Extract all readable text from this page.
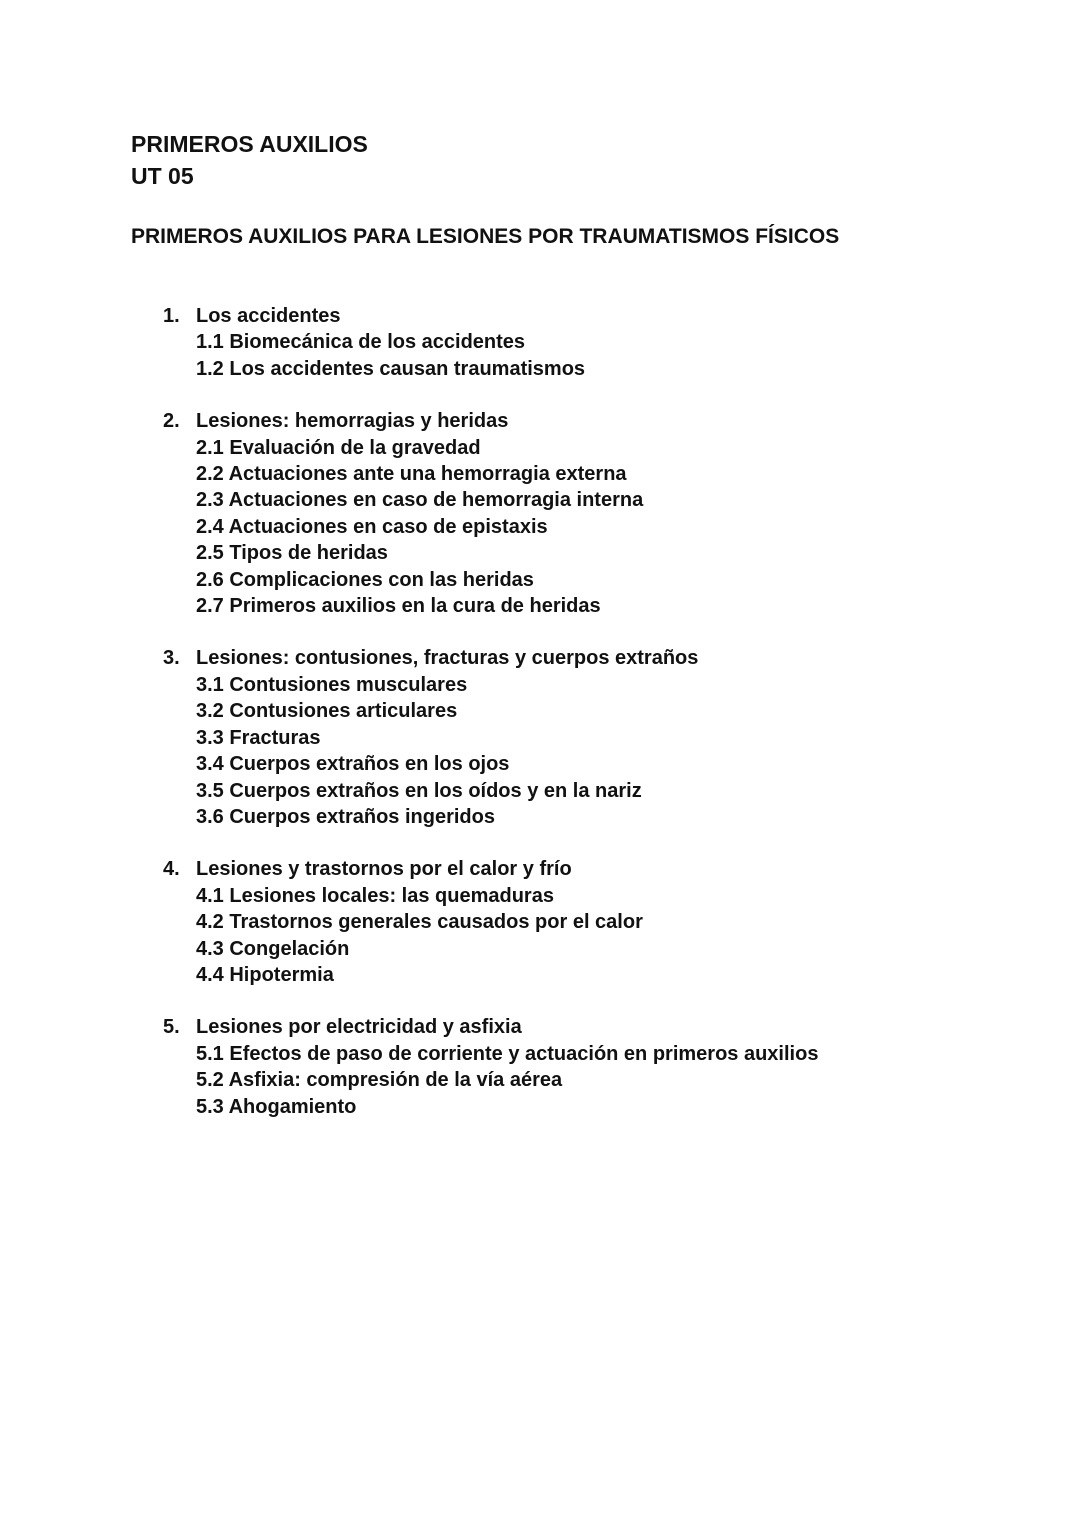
PRIMEROS AUXILIOS
UT 05
PRIMEROS AUXILIOS PARA LESIONES POR TRAUMATISMOS FÍSICOS
1. Los accidentes
1.1 Biomecánica de los accidentes
1.2 Los accidentes causan traumatismos
2. Lesiones: hemorragias y heridas
2.1 Evaluación de la gravedad
2.2 Actuaciones ante una hemorragia externa
2.3 Actuaciones en caso de hemorragia interna
2.4 Actuaciones en caso de epistaxis
2.5 Tipos de heridas
2.6 Complicaciones con las heridas
2.7 Primeros auxilios en la cura de heridas
3. Lesiones: contusiones, fracturas y cuerpos extraños
3.1 Contusiones musculares
3.2 Contusiones articulares
3.3 Fracturas
3.4 Cuerpos extraños en los ojos
3.5 Cuerpos extraños en los oídos y en la nariz
3.6 Cuerpos extraños ingeridos
4. Lesiones y trastornos por el calor y frío
4.1 Lesiones locales: las quemaduras
4.2 Trastornos generales causados por el calor
4.3 Congelación
4.4 Hipotermia
5. Lesiones por electricidad y asfixia
5.1 Efectos de paso de corriente y actuación en primeros auxilios
5.2 Asfixia: compresión de la vía aérea
5.3 Ahogamiento
